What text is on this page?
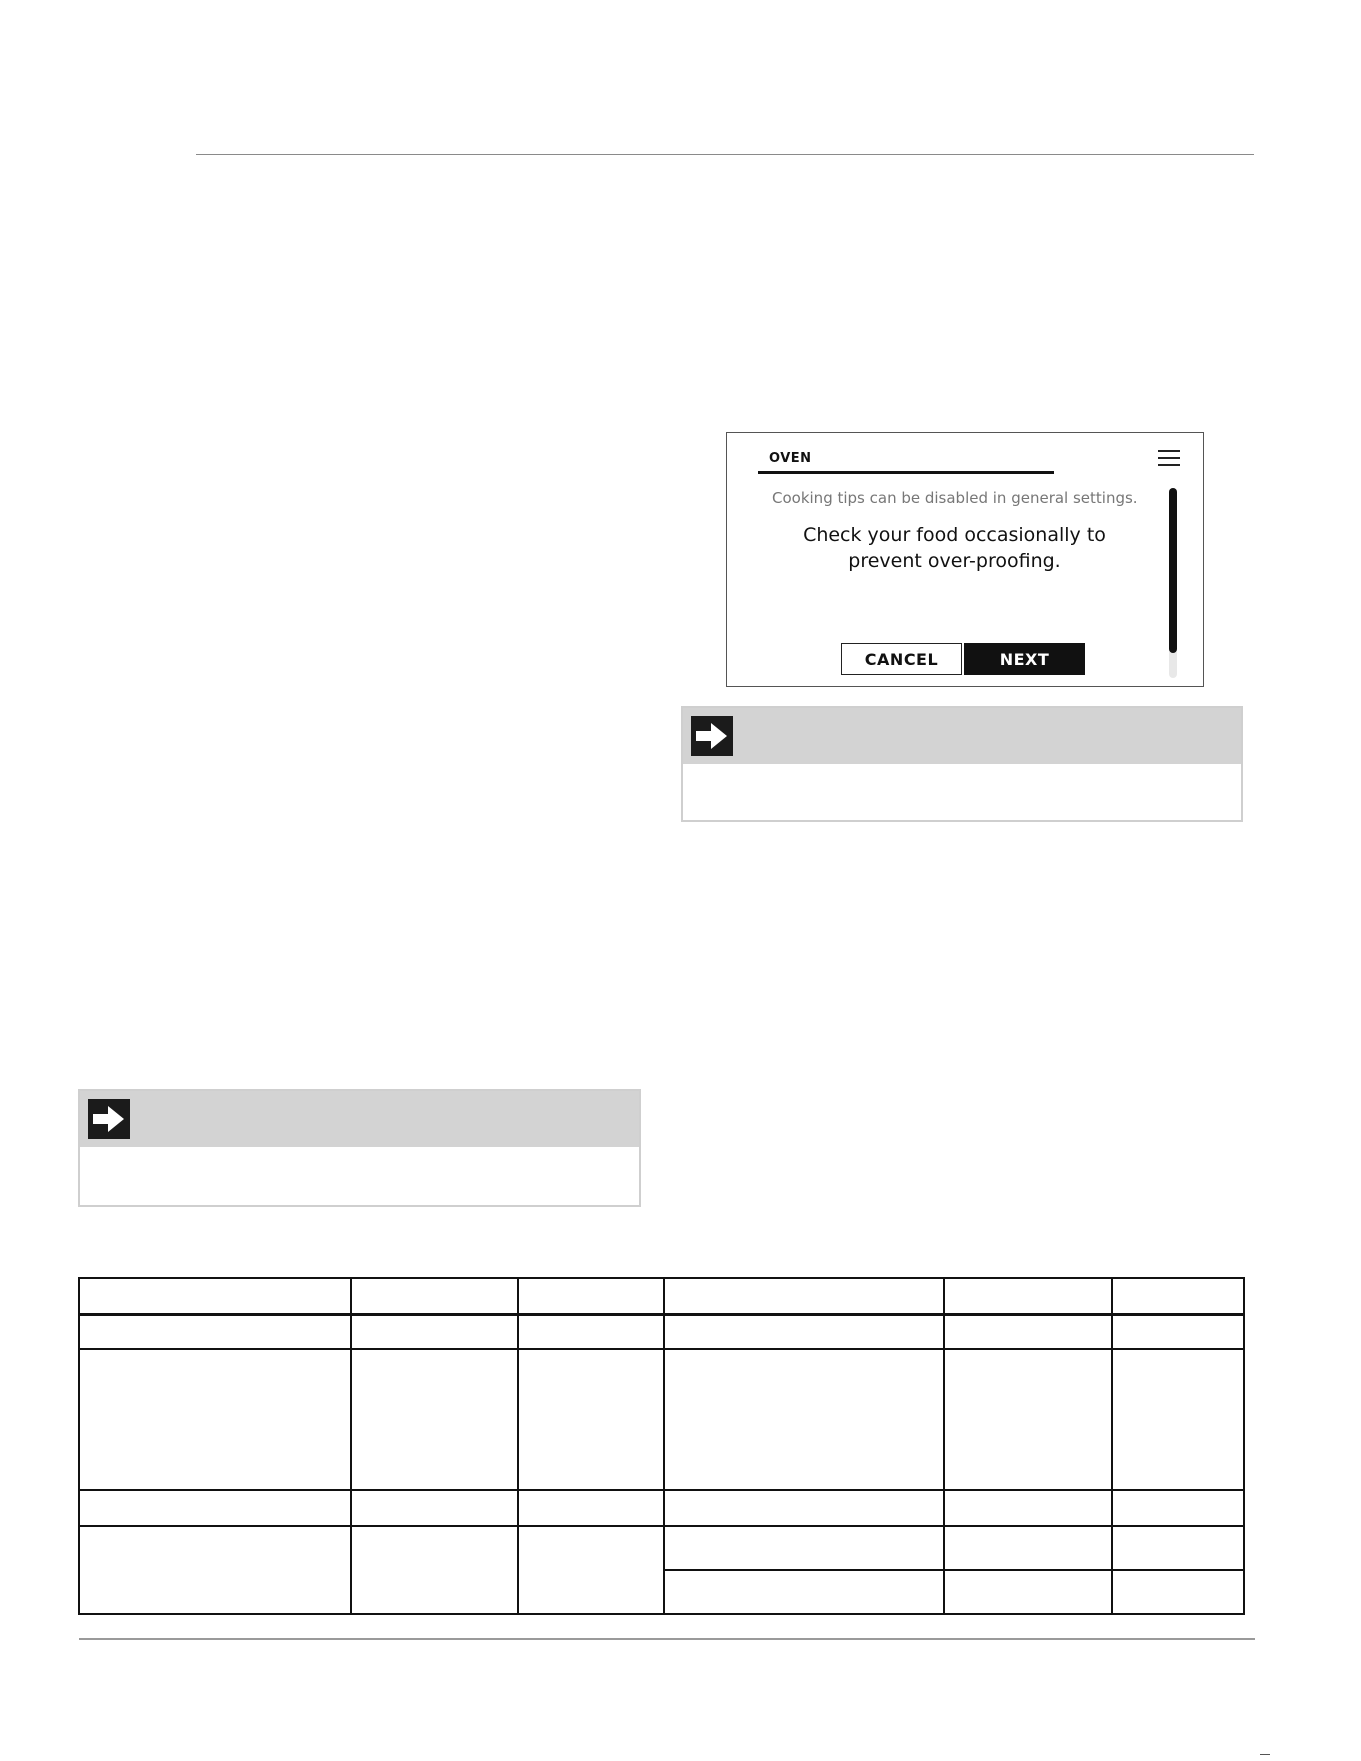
OVEN
Cooking tips can be disabled in general settings.
Check your food occasionally to
prevent over-proofing.
CANCEL	NEXT
